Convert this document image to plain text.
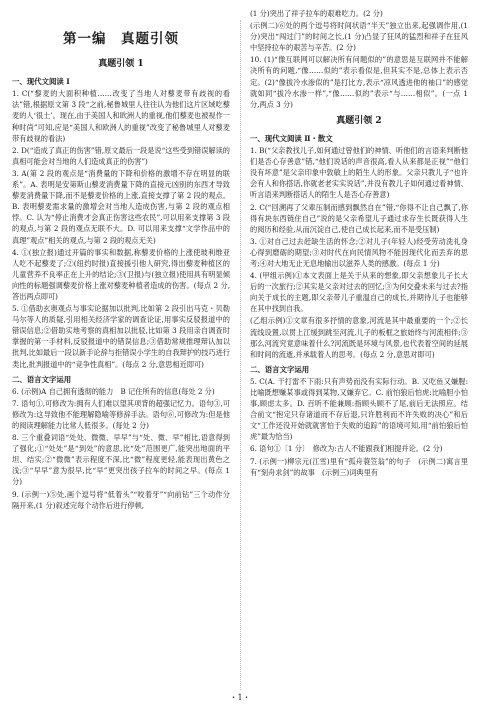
第一编　真题引领
真题引领 1
一、现代文阅读 Ⅰ
1. C(“黎麦的大面积种植……改变了当地人对藜麦带有歧视的看法”错,根据原文第 3 段“之前,秘鲁城里人往往认为他们这片区域吃藜麦的人‘很土’。现在,由于美国人和欧洲人的重视,他们藜麦也被视作一种时尚”可知,应是“美国人和欧洲人的重视”改变了秘鲁城里人对藜麦带有歧视的看法)
2. D(“造成了真正的伤害”错,原文最后一段是说“这些受到错误解读的真相可能会对当地的人们造成真正的伤害”)
3. A(第 2 段的观点是“消费量的下降和价格的激增不存在明显的联系”。A. 表明是安第斯山藜麦消费量下降的直接元凶别的东西才导致藜麦消费量下降,而不是藜麦价格的上涨,直接支撑了第 2 段的观点。B. 表明藜麦需求量的激增会对当地人造成伤害,与第 2 段的观点相悖。C. 认为“停止消费才会真正伤害这些农民”,可以用来支撑第 3 段的观点,与第 2 段的观点无联不大。D. 可以用来支撑“文学作品中的真理”观点”相关的观点,与第 2 段的观点无关)
4. ①(独立报)通过开篇的事实和数据,称藜麦价格的上涨使玻利维亚人吃不起藜麦了;②(纽约时报)直接援引他人研究,得出藜麦种植区的儿童营养不良率正在上升的结论;③(卫报)与(独立报)使用具有明显倾向性的标题强调藜麦价格上涨对藜麦种植者造成的伤害。(每点 2 分,答出两点即可)
5. ①借助玄奥观点与事实论据加以批判,比如第 2 段引出马克・贝勒马尔等人的质疑,引用相关经济学家的调查论证,用事实反驳报道中的错误信息;②借助实地考察的真相加以批驳,比如第 3 段用亲自调查时掌握的第一手材料,反驳报道中的错误信息;③借助常规推理辩认加以批判,比如最后一段以新手论辞与拒错误小学生的自我辩护的技巧进行类比,批判报道中的“竞争性真相”。(每点 2 分,意思相近即可)
二、语言文字运用
6. (示例)A 自己拥有透彻的能力　B 记住所有的信息(每处 2 分)
7. 语句①,可修改为:拥有人们难以望其项背的超强记忆力。语句③,可修改为:这导致他不能理解隐喻等修辞手法。语句⑥,可修改为:但是他的阅读理解能力比常人低很多。(每处 2 分)
8. 三个重叠词语“处处、微微、早早”与“处、微、早”相比,语意得到了强化;①“处处”是“到处”的意思,比“处”范围更广,能突出地面的平坦、结实;②“微微”表示程度不深,比“微”程度更轻,能表现出黄色之浅;③“早早”意为很早,比“早”更突出孩子拉车的时间之早。(每点 1 分)
9. (示例一)⑤处,画个逗号将“低着头”“咬着牙”“向前钻”三个动作分隔开来,(1 分)叙述完每个动作后进行停顿,
(1 分)突出了祥子拉车的艰难吃力。(2 分)
(示例二)⑥处的两个逗号将时间状语“半天”独立出来,起强调作用,(1 分)突出“闯过门”的时间之长,(1 分)凸显了狂风的猛烈和祥子在狂风中坚持拉车的艰苦与辛苦。(2 分)
10. (1)“像互联网可以解决所有问题似的”的意思是互联网并不能解决所有的问题,“像……似的”表示看似是,但其实不是,总体上表示否定。(2)“像拔冷水渗似的”是打比方,表示“凉风透进他的袖口”的感觉就如同“拔冷水渗一样”,“像……似的”表示“与……相似”。(一点 1 分,两点 3 分)
真题引领 2
一、现代文阅读 Ⅱ・散文
1. B(“父亲教找儿子,如何通过曾他们的神情、听他们的言语来判断他们是否心存善意”错,“他们说话的声音很高,看人从来都是正视”“他们没有坏意”是父亲印象中敦敏上的陌生人的形象。父亲只教儿子“也许会有人和你搭话,你就老老实实说话”,并没有教儿子如何通过看神情、听言语来判断搭话人的陌生人是否心存善意)
2. C(“回溯再了父辈压制而感到飘然自在”错,“你得不让自己飘了,你得有块东西链住自己”说的是父亲希望儿子通过求存生长既获得人生的阅历和经验,从而沉淀自己,使自己成长起来,而不是受压制)
3. ①对自己过去赶缺生活的怀念;②对儿子(年轻人)经受劳动洗礼身心得到磨砺的期望;③对时代在向民情风物不能因现代化而丢弃的思考;④对大地无止无息地输出以滋养人类的感激。(每点 1 分)
4. (甲组示例)①本文表面上是关于从来的想象,即父亲想象儿子长大后的一次旅行;②其实是父亲对过去的回忆;③为何交叠未来与过去?指向关于成长的主题,即父亲带儿子重温自己的成长,并期待儿子也能够在其中找到自我。
(乙组示例)①文章有很多抒情的意象,河流是其中最重要的一个;②长流线设置,以贯上江缓到跳至河流,儿子的板框之旅始终与河流相伴;③那么河流究竟意味着什么?河流既是环境与风景,也代表着空间的延展和时间的流逝,并承载着人的思考。(每点 2 分,意思对即可)
二、语言文字运用
5. C(A. 干打雷不下雨:只有声势而没有实际行动。B. 又吃鱼又嫌腥:比喻既想赚某事或得到某物,又嫌弃它。C. 前怕狼后怕虎:比喻胆小怕事,顾虑太多。D. 百听不能兼顾:指顾头顾不了尾,前后无法照应。结合前文“抱定只存诸道而不存后退,只许胜利而不许失败的决心”和后文“工作还没开始就就害怕于失败的追踪”的语境可知,用“前怕狼后怕虎”最为恰当)
6. 语句①〔1 分〕　修改为:古人不能跟我们相提并论。(2 分)
7. (示例一)柳宗元(江雪)里有“孤舟蓑笠翁”的句子　(示例二)寓言里有“刻舟求剑”的故事　(示例三)词典里有
・1・
